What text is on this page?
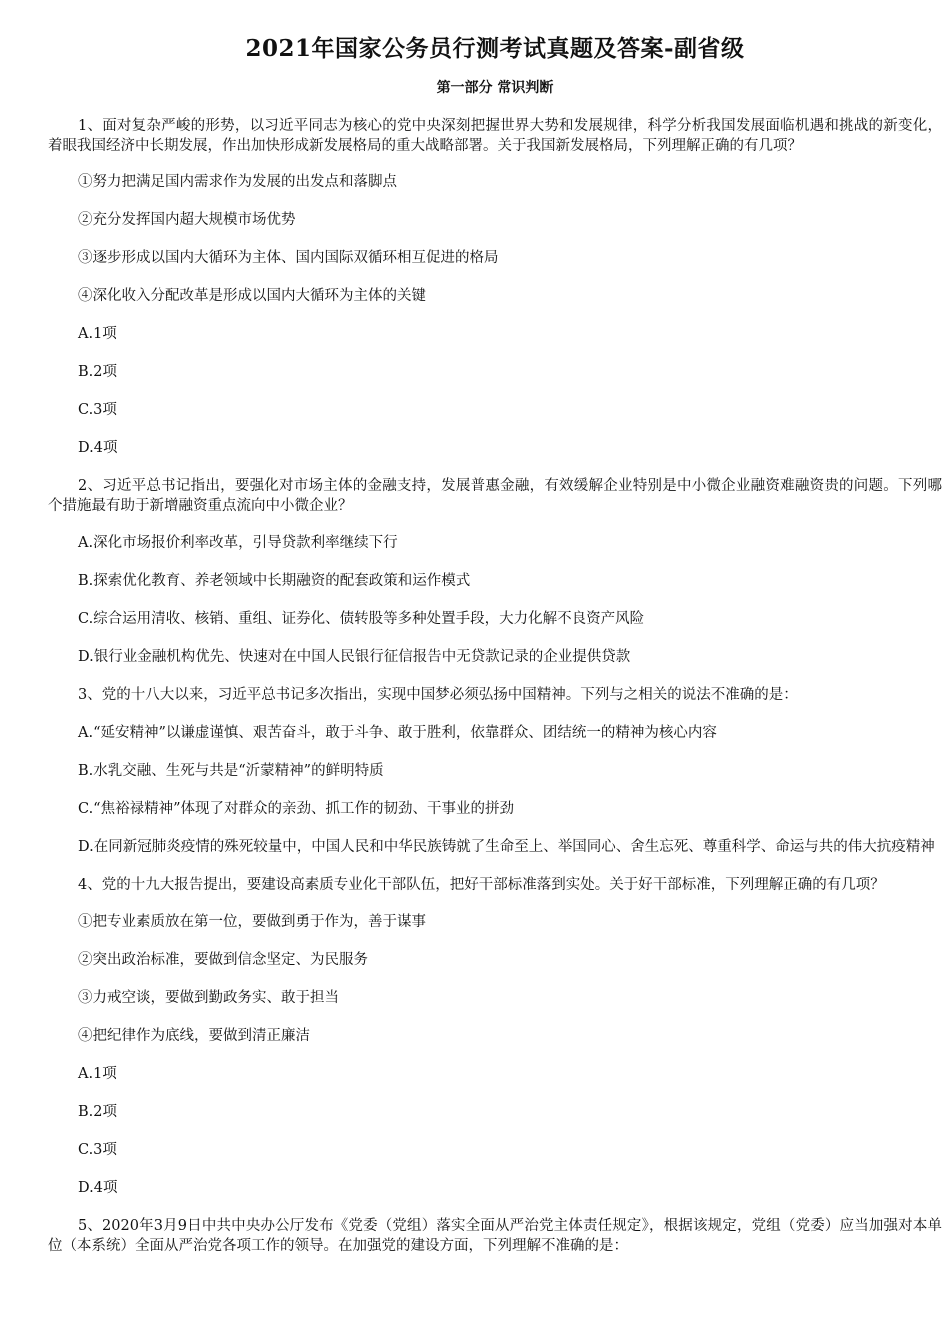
2021年国家公务员行测考试真题及答案-副省级
第一部分 常识判断

1、面对复杂严峻的形势，以习近平同志为核心的党中央深刻把握世界大势和发展规律，科学分析我国发展面临机遇和挑战的新变化，着眼我国经济中长期发展，作出加快形成新发展格局的重大战略部署。关于我国新发展格局，下列理解正确的有几项？

①努力把满足国内需求作为发展的出发点和落脚点

②充分发挥国内超大规模市场优势

③逐步形成以国内大循环为主体、国内国际双循环相互促进的格局

④深化收入分配改革是形成以国内大循环为主体的关键

A.1项

B.2项

C.3项

D.4项

2、习近平总书记指出，要强化对市场主体的金融支持，发展普惠金融，有效缓解企业特别是中小微企业融资难融资贵的问题。下列哪个措施最有助于新增融资重点流向中小微企业？

A.深化市场报价利率改革，引导贷款利率继续下行

B.探索优化教育、养老领域中长期融资的配套政策和运作模式

C.综合运用清收、核销、重组、证券化、债转股等多种处置手段，大力化解不良资产风险

D.银行业金融机构优先、快速对在中国人民银行征信报告中无贷款记录的企业提供贷款

3、党的十八大以来，习近平总书记多次指出，实现中国梦必须弘扬中国精神。下列与之相关的说法不准确的是：

A.“延安精神”以谦虚谨慎、艰苦奋斗，敢于斗争、敢于胜利，依靠群众、团结统一的精神为核心内容

B.水乳交融、生死与共是“沂蒙精神”的鲜明特质

C.“焦裕禄精神”体现了对群众的亲劲、抓工作的韧劲、干事业的拼劲

D.在同新冠肺炎疫情的殊死较量中，中国人民和中华民族铸就了生命至上、举国同心、舍生忘死、尊重科学、命运与共的伟大抗疫精神

4、党的十九大报告提出，要建设高素质专业化干部队伍，把好干部标准落到实处。关于好干部标准，下列理解正确的有几项？

①把专业素质放在第一位，要做到勇于作为，善于谋事

②突出政治标准，要做到信念坚定、为民服务

③力戒空谈，要做到勤政务实、敢于担当

④把纪律作为底线，要做到清正廉洁

A.1项

B.2项

C.3项

D.4项

5、2020年3月9日中共中央办公厅发布《党委（党组）落实全面从严治党主体责任规定》，根据该规定，党组（党委）应当加强对本单位（本系统）全面从严治党各项工作的领导。在加强党的建设方面，下列理解不准确的是：
